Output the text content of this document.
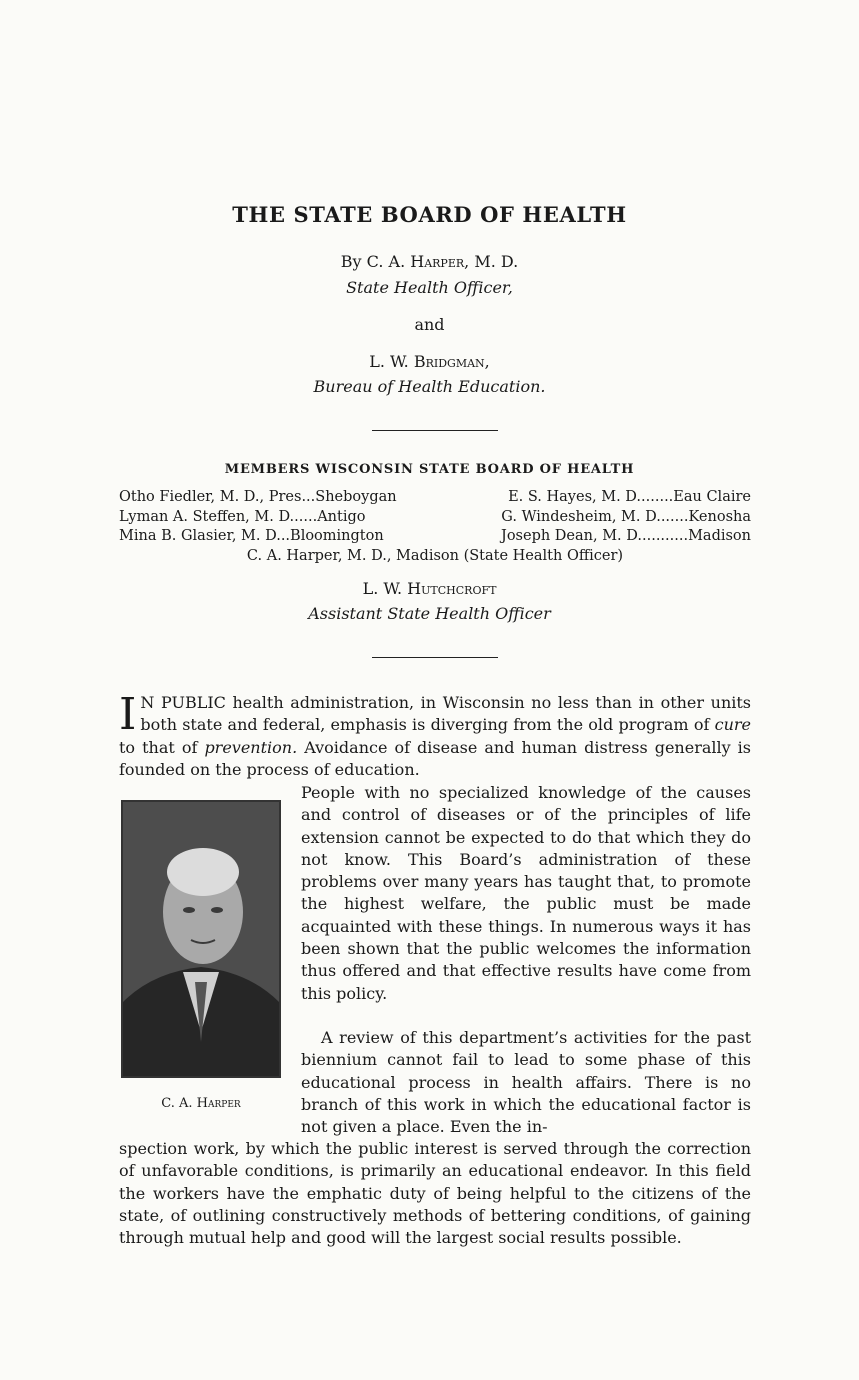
THE STATE BOARD OF HEALTH
By C. A. Harper, M. D.
State Health Officer,
and
L. W. Bridgman,
Bureau of Health Education.
MEMBERS WISCONSIN STATE BOARD OF HEALTH
Otho Fiedler, M. D., Pres...Sheboygan	E. S. Hayes, M. D........Eau Claire
Lyman A. Steffen, M. D......Antigo	G. Windesheim, M. D.......Kenosha
Mina B. Glasier, M. D...Bloomington	Joseph Dean, M. D...........Madison
C. A. Harper, M. D., Madison (State Health Officer)
L. W. Hutchcroft
Assistant State Health Officer
I N PUBLIC health administration, in Wisconsin no less than in other units both state and federal, emphasis is diverging from the old program of cure to that of prevention. Avoidance of disease and human distress generally is founded on the process of education.
People with no specialized knowledge of the causes and control of diseases or of the principles of life extension cannot be expected to do that which they do not know. This Board’s administration of these problems over many years has taught that, to promote the highest welfare, the public must be made acquainted with these things. In numerous ways it has been shown that the public welcomes the information thus offered and that effective results have come from this policy.
A review of this department’s activities for the past biennium cannot fail to lead to some phase of this educational process in health affairs. There is no branch of this work in which the educational factor is not given a place. Even the in-
C. A. Harper
spection work, by which the public interest is served through the correction of unfavorable conditions, is primarily an educational endeavor. In this field the workers have the emphatic duty of being helpful to the citizens of the state, of outlining constructively methods of bettering conditions, of gaining through mutual help and good will the largest social results possible.
